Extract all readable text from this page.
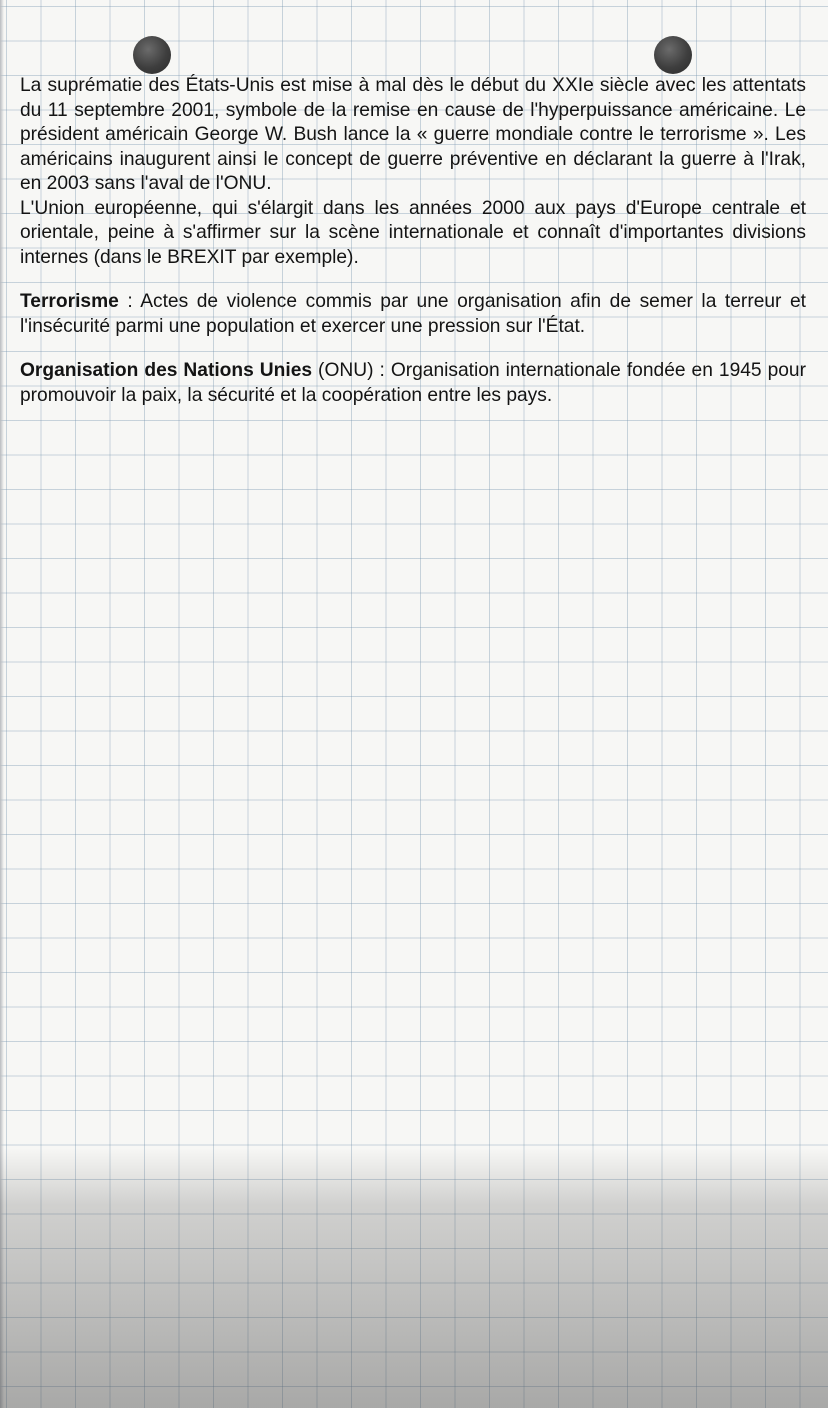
La suprématie des États-Unis est mise à mal dès le début du XXIe siècle avec les attentats du 11 septembre 2001, symbole de la remise en cause de l'hyperpuissance américaine. Le président américain George W. Bush lance la « guerre mondiale contre le terrorisme ». Les américains inaugurent ainsi le concept de guerre préventive en déclarant la guerre à l'Irak, en 2003 sans l'aval de l'ONU.

L'Union européenne, qui s'élargit dans les années 2000 aux pays d'Europe centrale et orientale, peine à s'affirmer sur la scène internationale et connaît d'importantes divisions internes (dans le BREXIT par exemple).

Terrorisme : Actes de violence commis par une organisation afin de semer la terreur et l'insécurité parmi une population et exercer une pression sur l'État.

Organisation des Nations Unies (ONU) : Organisation internationale fondée en 1945 pour promouvoir la paix, la sécurité et la coopération entre les pays.
